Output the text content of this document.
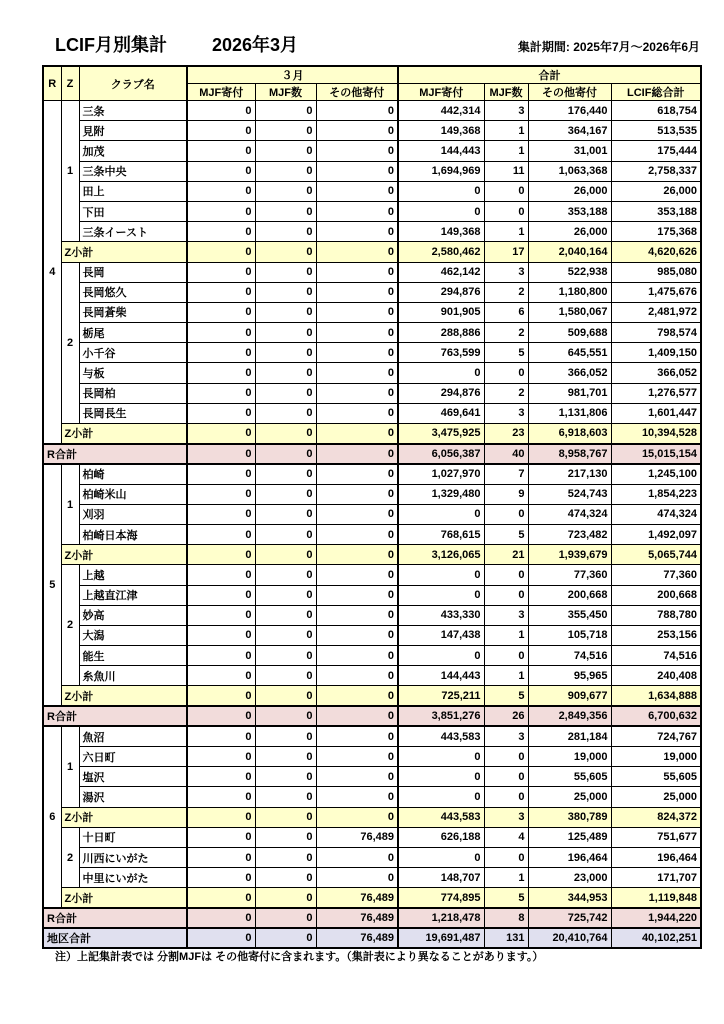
LCIF月別集計	2026年3月	集計期間: 2025年7月～2026年6月
R	Z	クラブ名	３月			合計			
			MJF寄付	MJF数	その他寄付	MJF寄付	MJF数	その他寄付	LCIF総合計
4	1	三条	0	0	0	442,314	3	176,440	618,754
		見附	0	0	0	149,368	1	364,167	513,535
		加茂	0	0	0	144,443	1	31,001	175,444
		三条中央	0	0	0	1,694,969	11	1,063,368	2,758,337
		田上	0	0	0	0	0	26,000	26,000
		下田	0	0	0	0	0	353,188	353,188
		三条イースト	0	0	0	149,368	1	26,000	175,368
	Z小計		0	0	0	2,580,462	17	2,040,164	4,620,626
	2	長岡	0	0	0	462,142	3	522,938	985,080
		長岡悠久	0	0	0	294,876	2	1,180,800	1,475,676
		長岡蒼柴	0	0	0	901,905	6	1,580,067	2,481,972
		栃尾	0	0	0	288,886	2	509,688	798,574
		小千谷	0	0	0	763,599	5	645,551	1,409,150
		与板	0	0	0	0	0	366,052	366,052
		長岡柏	0	0	0	294,876	2	981,701	1,276,577
		長岡長生	0	0	0	469,641	3	1,131,806	1,601,447
	Z小計		0	0	0	3,475,925	23	6,918,603	10,394,528
R合計			0	0	0	6,056,387	40	8,958,767	15,015,154
5	1	柏崎	0	0	0	1,027,970	7	217,130	1,245,100
		柏崎米山	0	0	0	1,329,480	9	524,743	1,854,223
		刈羽	0	0	0	0	0	474,324	474,324
		柏崎日本海	0	0	0	768,615	5	723,482	1,492,097
	Z小計		0	0	0	3,126,065	21	1,939,679	5,065,744
	2	上越	0	0	0	0	0	77,360	77,360
		上越直江津	0	0	0	0	0	200,668	200,668
		妙高	0	0	0	433,330	3	355,450	788,780
		大潟	0	0	0	147,438	1	105,718	253,156
		能生	0	0	0	0	0	74,516	74,516
		糸魚川	0	0	0	144,443	1	95,965	240,408
	Z小計		0	0	0	725,211	5	909,677	1,634,888
R合計			0	0	0	3,851,276	26	2,849,356	6,700,632
6	1	魚沼	0	0	0	443,583	3	281,184	724,767
		六日町	0	0	0	0	0	19,000	19,000
		塩沢	0	0	0	0	0	55,605	55,605
		湯沢	0	0	0	0	0	25,000	25,000
	Z小計		0	0	0	443,583	3	380,789	824,372
	2	十日町	0	0	76,489	626,188	4	125,489	751,677
		川西にいがた	0	0	0	0	0	196,464	196,464
		中里にいがた	0	0	0	148,707	1	23,000	171,707
	Z小計		0	0	76,489	774,895	5	344,953	1,119,848
R合計			0	0	76,489	1,218,478	8	725,742	1,944,220
地区合計			0	0	76,489	19,691,487	131	20,410,764	40,102,251
注）上記集計表では 分割MJFは その他寄付に含まれます。（集計表により異なることがあります。）
